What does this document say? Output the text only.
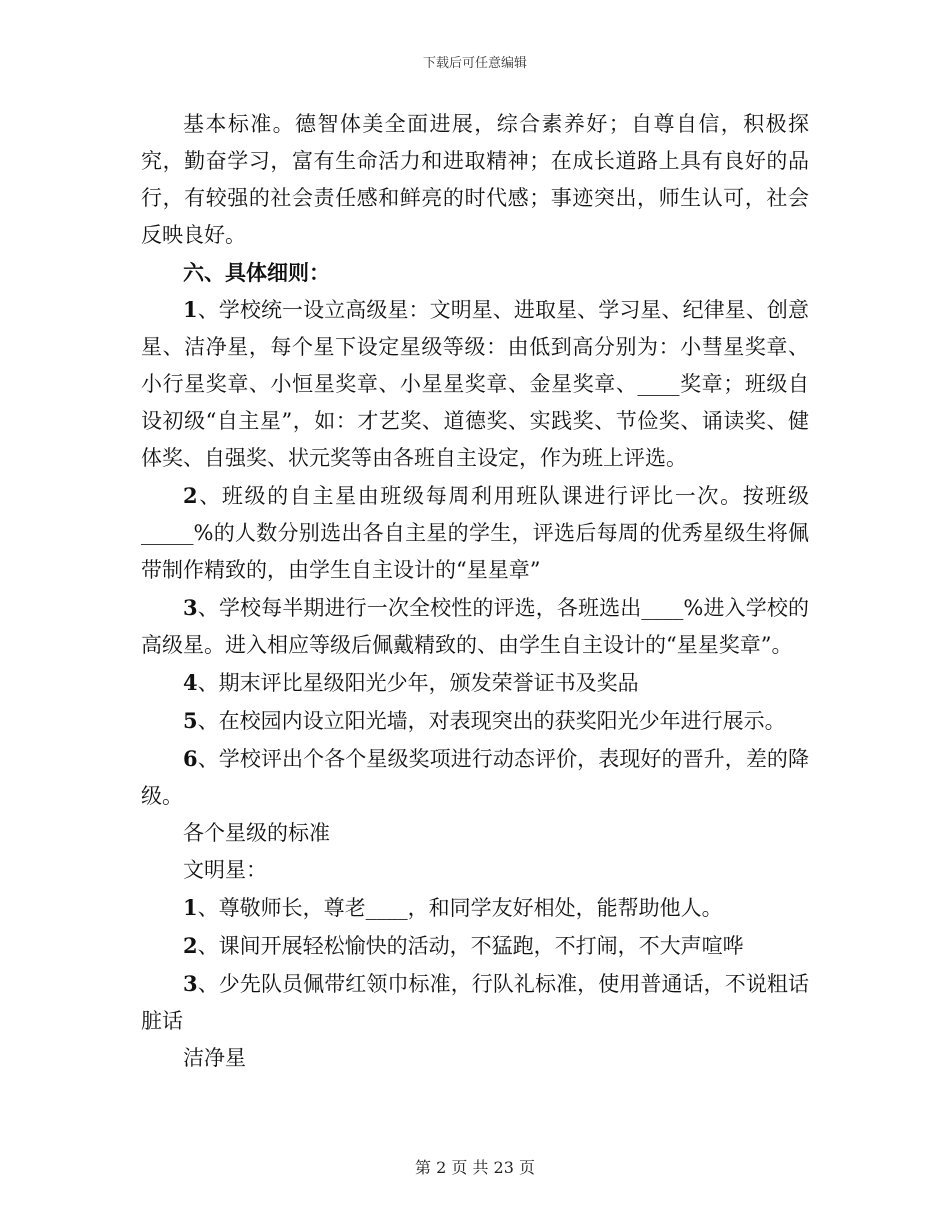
下载后可任意编辑

基本标准。德智体美全面进展，综合素养好；自尊自信，积极探究，勤奋学习，富有生命活力和进取精神；在成长道路上具有良好的品行，有较强的社会责任感和鲜亮的时代感；事迹突出，师生认可，社会反映良好。

六、具体细则：

1、学校统一设立高级星：文明星、进取星、学习星、纪律星、创意星、洁净星，每个星下设定星级等级：由低到高分别为：小彗星奖章、小行星奖章、小恒星奖章、小星星奖章、金星奖章、____奖章；班级自设初级“自主星”，如：才艺奖、道德奖、实践奖、节俭奖、诵读奖、健体奖、自强奖、状元奖等由各班自主设定，作为班上评选。

2、班级的自主星由班级每周利用班队课进行评比一次。按班级_____%的人数分别选出各自主星的学生，评选后每周的优秀星级生将佩带制作精致的，由学生自主设计的“星星章”

3、学校每半期进行一次全校性的评选，各班选出____%进入学校的高级星。进入相应等级后佩戴精致的、由学生自主设计的“星星奖章”。

4、期末评比星级阳光少年，颁发荣誉证书及奖品

5、在校园内设立阳光墙，对表现突出的获奖阳光少年进行展示。

6、学校评出个各个星级奖项进行动态评价，表现好的晋升，差的降级。

各个星级的标准

文明星：

1、尊敬师长，尊老____，和同学友好相处，能帮助他人。

2、课间开展轻松愉快的活动，不猛跑，不打闹，不大声喧哗

3、少先队员佩带红领巾标准，行队礼标准，使用普通话，不说粗话脏话

洁净星

第 2 页 共 23 页
